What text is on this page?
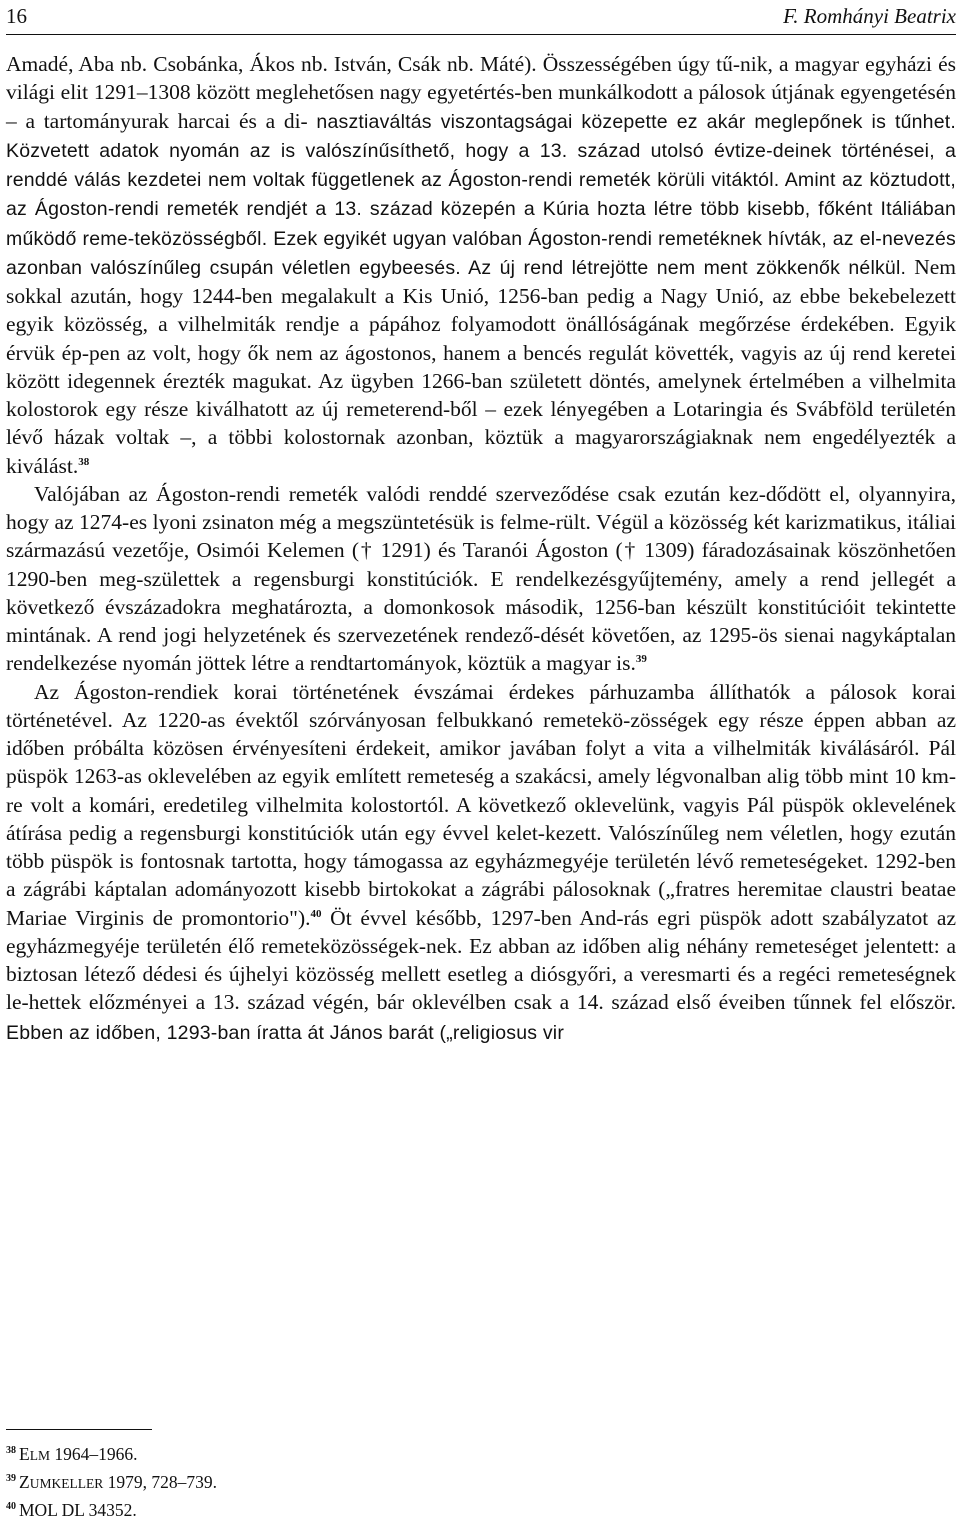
16	F. Romhányi Beatrix

Amadé, Aba nb. Csobánka, Ákos nb. István, Csák nb. Máté). Összességében úgy tű-nik, a magyar egyházi és világi elit 1291–1308 között meglehetősen nagy egyetértés-ben munkálkodott a pálosok útjának egyengetésén – a tartományurak harcai és a di- nasztiaváltás viszontagságai közepette ez akár meglepőnek is tűnhet. Közvetett adatok nyomán az is valószínűsíthető, hogy a 13. század utolsó évtize-deinek történései, a renddé válás kezdetei nem voltak függetlenek az Ágoston-rendi remeték körüli vitáktól. Amint az köztudott, az Ágoston-rendi remeték rendjét a 13. század közepén a Kúria hozta létre több kisebb, főként Itáliában működő reme-teközösségből. Ezek egyikét ugyan valóban Ágoston-rendi remetéknek hívták, az el-nevezés azonban valószínűleg csupán véletlen egybeesés. Az új rend létrejötte nem ment zökkenők nélkül. Nem sokkal azután, hogy 1244-ben megalakult a Kis Unió, 1256-ban pedig a Nagy Unió, az ebbe bekebelezett egyik közösség, a vilhelmiták rendje a pápához folyamodott önállóságának megőrzése érdekében. Egyik érvük ép-pen az volt, hogy ők nem az ágostonos, hanem a bencés regulát követték, vagyis az új rend keretei között idegennek érezték magukat. Az ügyben 1266-ban született döntés, amelynek értelmében a vilhelmita kolostorok egy része kiválhatott az új remeterend-ből – ezek lényegében a Lotaringia és Svábföld területén lévő házak voltak –, a többi kolostornak azonban, köztük a magyarországiaknak nem engedélyezték a kiválást.$^{38}$

Valójában az Ágoston-rendi remeték valódi renddé szerveződése csak ezután kez-dődött el, olyannyira, hogy az 1274-es lyoni zsinaton még a megszüntetésük is felme-rült. Végül a közösség két karizmatikus, itáliai származású vezetője, Osimói Kelemen († 1291) és Taranói Ágoston († 1309) fáradozásainak köszönhetően 1290-ben meg-születtek a regensburgi konstitúciók. E rendelkezésgyűjtemény, amely a rend jellegét a következő évszázadokra meghatározta, a domonkosok második, 1256-ban készült konstitúcióit tekintette mintának. A rend jogi helyzetének és szervezetének rendező-dését követően, az 1295-ös sienai nagykáptalan rendelkezése nyomán jöttek létre a rendtartományok, köztük a magyar is.$^{39}$

Az Ágoston-rendiek korai történetének évszámai érdekes párhuzamba állíthatók a pálosok korai történetével. Az 1220-as évektől szórványosan felbukkanó remetekö-zösségek egy része éppen abban az időben próbálta közösen érvényesíteni érdekeit, amikor javában folyt a vita a vilhelmiták kiválásáról. Pál püspök 1263-as oklevelében az egyik említett remeteség a szakácsi, amely légvonalban alig több mint 10 km-re volt a komári, eredetileg vilhelmita kolostortól. A következő oklevelünk, vagyis Pál püspök oklevelének átírása pedig a regensburgi konstitúciók után egy évvel kelet-kezett. Valószínűleg nem véletlen, hogy ezután több püspök is fontosnak tartotta, hogy támogassa az egyházmegyéje területén lévő remeteségeket. 1292-ben a zágrábi káptalan adományozott kisebb birtokokat a zágrábi pálosoknak („fratres heremitae claustri beatae Mariae Virginis de promontorio").$^{40}$ Öt évvel később, 1297-ben And-rás egri püspök adott szabályzatot az egyházmegyéje területén élő remeteközösségek-nek. Ez abban az időben alig néhány remeteséget jelentett: a biztosan létező dédesi és újhelyi közösség mellett esetleg a diósgyőri, a veresmarti és a regéci remeteségnek le-hettek előzményei a 13. század végén, bár oklevélben csak a 14. század első éveiben tűnnek fel először. Ebben az időben, 1293-ban íratta át János barát („religiosus vir

$^{38}$ ELM 1964–1966.

$^{39}$ ZUMKELLER 1979, 728–739.

$^{40}$ MOL DL 34352.
